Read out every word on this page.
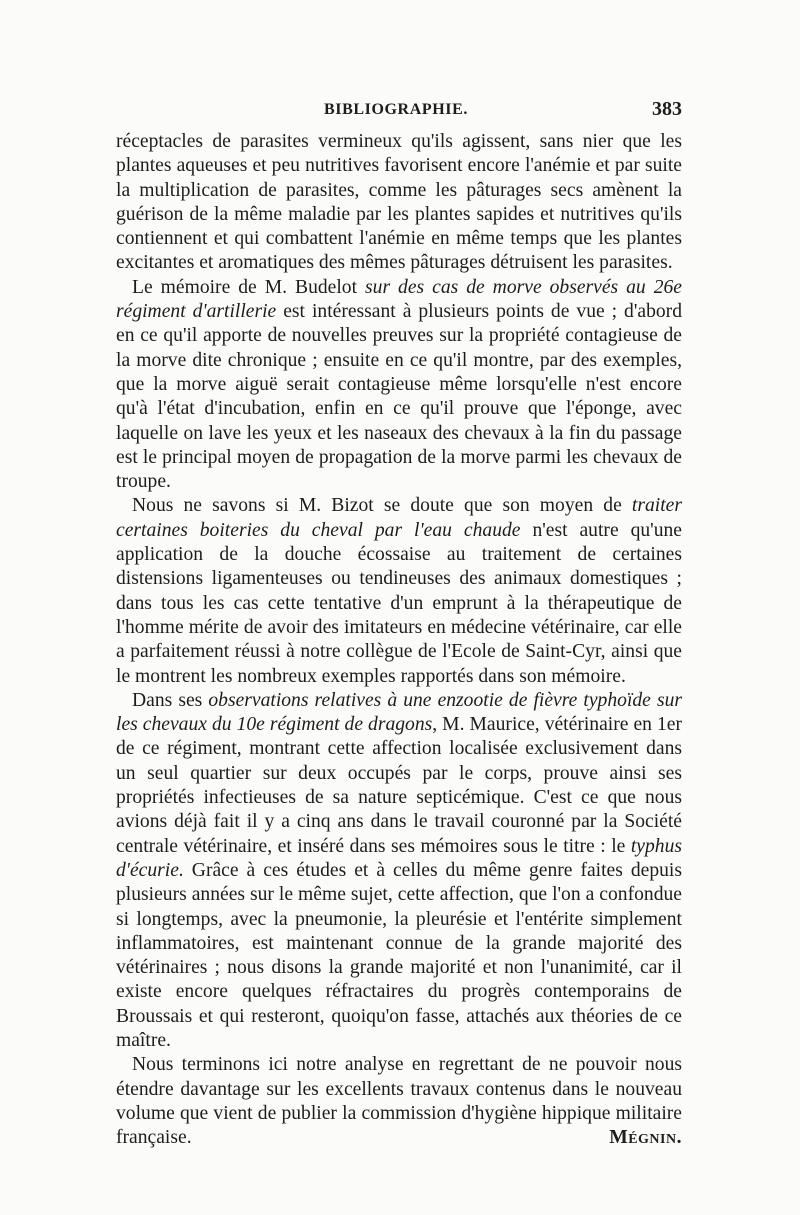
BIBLIOGRAPHIE.	383

réceptacles de parasites vermineux qu'ils agissent, sans nier que les plantes aqueuses et peu nutritives favorisent encore l'anémie et par suite la multiplication de parasites, comme les pâturages secs amènent la guérison de la même maladie par les plantes sapides et nutritives qu'ils contiennent et qui combattent l'anémie en même temps que les plantes excitantes et aromatiques des mêmes pâturages détruisent les parasites.

Le mémoire de M. Budelot sur des cas de morve observés au 26e régiment d'artillerie est intéressant à plusieurs points de vue ; d'abord en ce qu'il apporte de nouvelles preuves sur la propriété contagieuse de la morve dite chronique ; ensuite en ce qu'il montre, par des exemples, que la morve aiguë serait contagieuse même lorsqu'elle n'est encore qu'à l'état d'incubation, enfin en ce qu'il prouve que l'éponge, avec laquelle on lave les yeux et les naseaux des chevaux à la fin du passage est le principal moyen de propagation de la morve parmi les chevaux de troupe.

Nous ne savons si M. Bizot se doute que son moyen de traiter certaines boiteries du cheval par l'eau chaude n'est autre qu'une application de la douche écossaise au traitement de certaines distensions ligamenteuses ou tendineuses des animaux domestiques ; dans tous les cas cette tentative d'un emprunt à la thérapeutique de l'homme mérite de avoir des imitateurs en médecine vétérinaire, car elle a parfaitement réussi à notre collègue de l'Ecole de Saint-Cyr, ainsi que le montrent les nombreux exemples rapportés dans son mémoire.

Dans ses observations relatives à une enzootie de fièvre typhoïde sur les chevaux du 10e régiment de dragons, M. Maurice, vétérinaire en 1er de ce régiment, montrant cette affection localisée exclusivement dans un seul quartier sur deux occupés par le corps, prouve ainsi ses propriétés infectieuses de sa nature septicémique. C'est ce que nous avions déjà fait il y a cinq ans dans le travail couronné par la Société centrale vétérinaire, et inséré dans ses mémoires sous le titre : le typhus d'écurie. Grâce à ces études et à celles du même genre faites depuis plusieurs années sur le même sujet, cette affection, que l'on a confondue si longtemps, avec la pneumonie, la pleurésie et l'entérite simplement inflammatoires, est maintenant connue de la grande majorité des vétérinaires ; nous disons la grande majorité et non l'unanimité, car il existe encore quelques réfractaires du progrès contemporains de Broussais et qui resteront, quoiqu'on fasse, attachés aux théories de ce maître.

Nous terminons ici notre analyse en regrettant de ne pouvoir nous étendre davantage sur les excellents travaux contenus dans le nouveau volume que vient de publier la commission d'hygiène hippique militaire française.	Mégnin.
